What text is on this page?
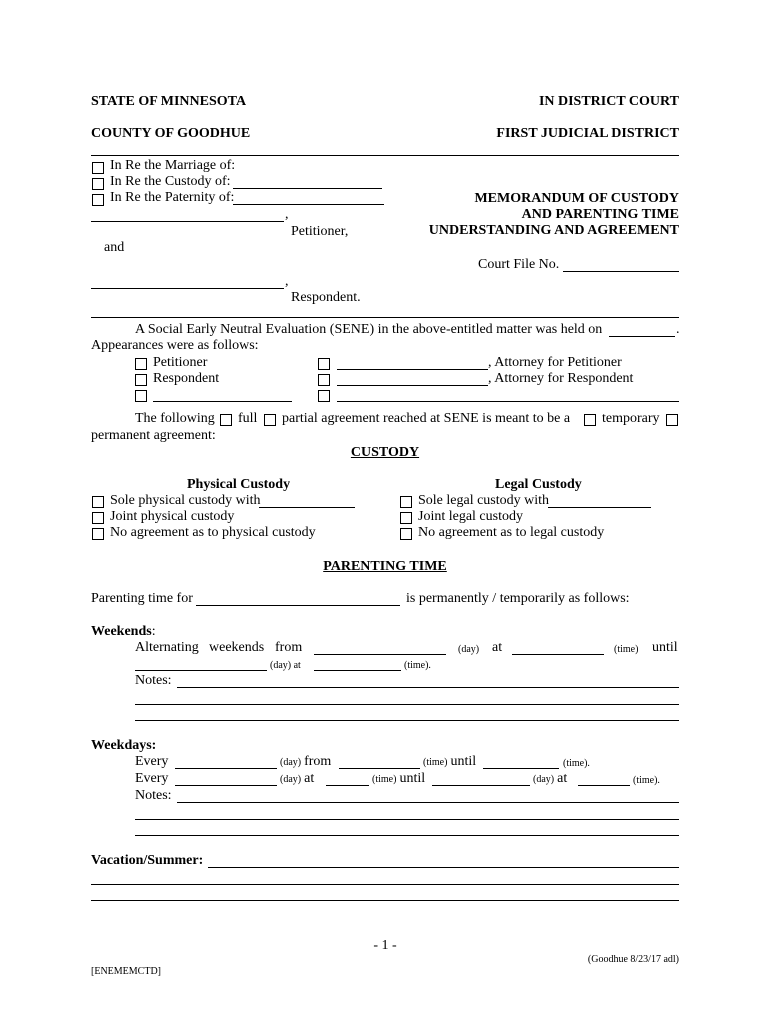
STATE OF MINNESOTA	IN DISTRICT COURT
COUNTY OF GOODHUE	FIRST JUDICIAL DISTRICT
In Re the Marriage of:
In Re the Custody of:
In Re the Paternity of:
,
Petitioner,
and
,
Respondent.
MEMORANDUM OF CUSTODY
AND PARENTING TIME
UNDERSTANDING AND AGREEMENT
Court File No.
A Social Early Neutral Evaluation (SENE) in the above-entitled matter was held on	.
Appearances were as follows:
Petitioner	, Attorney for Petitioner
Respondent	, Attorney for Respondent
The following full partial agreement reached at SENE is meant to be a temporary
permanent agreement:
CUSTODY
Physical Custody	Legal Custody
Sole physical custody with	Sole legal custody with
Joint physical custody	Joint legal custody
No agreement as to physical custody	No agreement as to legal custody
PARENTING TIME
Parenting time for	is permanently / temporarily as follows:
Weekends:
Alternating weekends from	(day) at	(time) until
(day) at	(time).
Notes:
Weekdays:
Every	(day) from	(time) until	(time).
Every	(day) at	(time) until	(day) at	(time).
Notes:
Vacation/Summer:
- 1 -
(Goodhue 8/23/17 adl)
[ENEMEMCTD]
